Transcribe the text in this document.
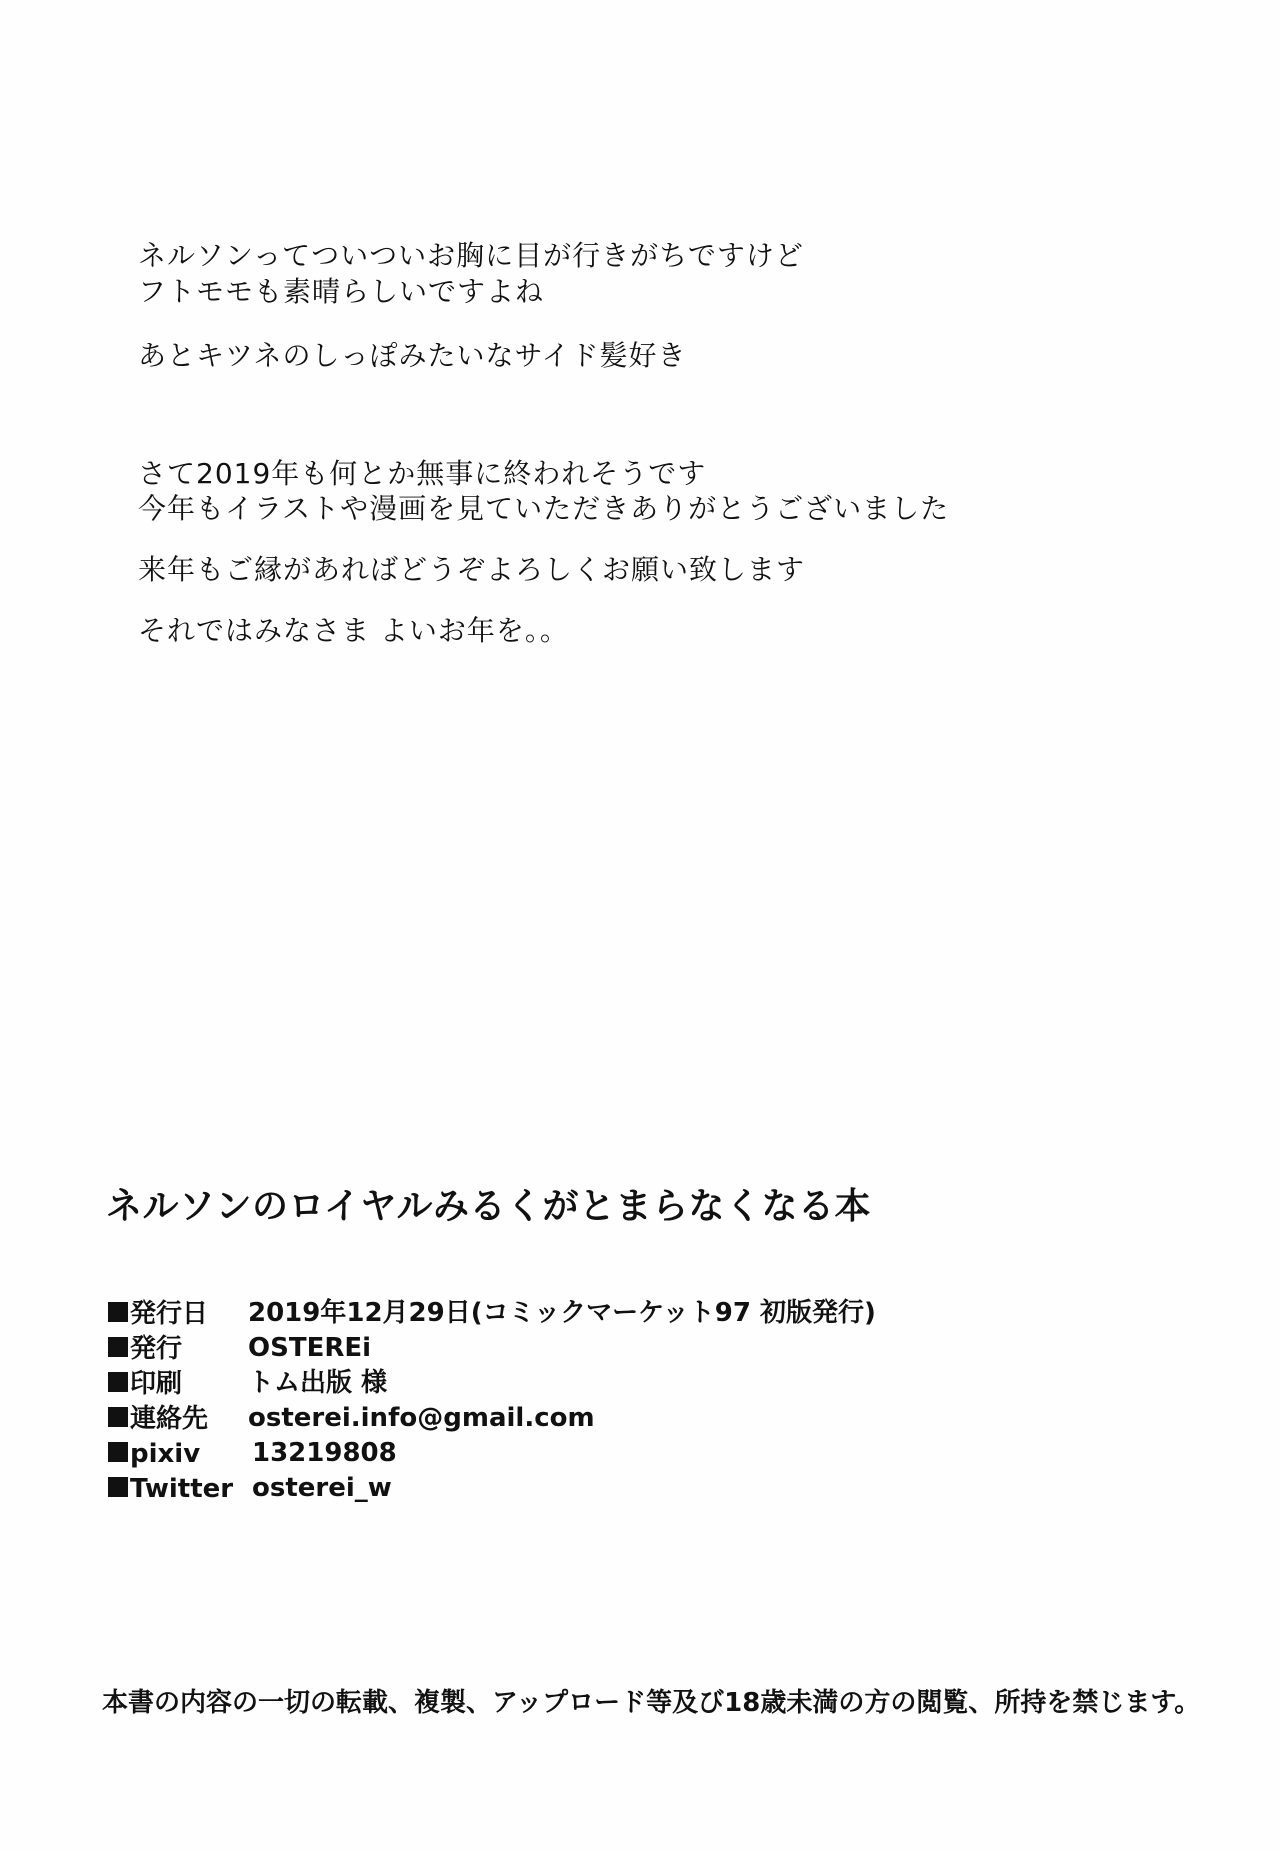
ネルソンってついついお胸に目が行きがちですけど
フトモモも素晴らしいですよね
あとキツネのしっぽみたいなサイド髪好き
さて2019年も何とか無事に終われそうです
今年もイラストや漫画を見ていただきありがとうございました
来年もご縁があればどうぞよろしくお願い致します
それではみなさま よいお年を。。
ネルソンのロイヤルみるくがとまらなくなる本
発行日 2019年12月29日(コミックマーケット97 初版発行)
発行	OSTEREi
印刷	トム出版 様
連絡先 osterei.info@gmail.com
pixiv 13219808
Twitter osterei_w
本書の内容の一切の転載、複製、アップロード等及び18歳未満の方の閲覧、所持を禁じます。
